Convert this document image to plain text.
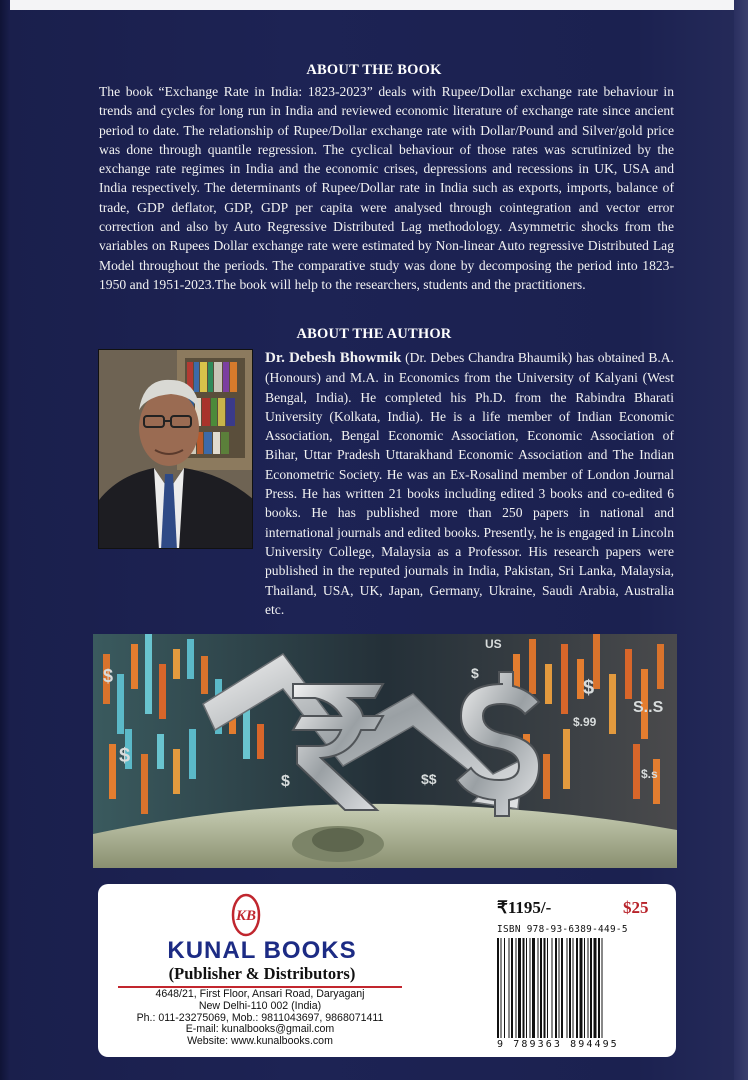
ABOUT THE BOOK

The book “Exchange Rate in India: 1823-2023” deals with Rupee/Dollar exchange rate behaviour in trends and cycles for long run in India and reviewed economic literature of exchange rate since ancient period to date. The relationship of Rupee/Dollar exchange rate with Dollar/Pound and Silver/gold price was done through quantile regression. The cyclical behaviour of those rates was scrutinized by the exchange rate regimes in India and the economic crises, depressions and recessions in UK, USA and India respectively. The determinants of Rupee/Dollar rate in India such as exports, imports, balance of trade, GDP deflator, GDP, GDP per capita were analysed through cointegration and vector error correction and also by Auto Regressive Distributed Lag methodology. Asymmetric shocks from the variables on Rupees Dollar exchange rate were estimated by Non-linear Auto regressive Distributed Lag Model throughout the periods. The comparative study was done by decomposing the period into 1823-1950 and 1951-2023.The book will help to the researchers, students and the practitioners.

ABOUT THE AUTHOR
Dr. Debesh Bhowmik (Dr. Debes Chandra Bhaumik) has obtained B.A. (Honours) and M.A. in Economics from the University of Kalyani (West Bengal, India). He completed his Ph.D. from the Rabindra Bharati University (Kolkata, India). He is a life member of Indian Economic Association, Bengal Economic Association, Economic Association of Bihar, Uttar Pradesh Uttarakhand Economic Association and The Indian Econometric Society. He was an Ex-Rosalind member of London Journal Press. He has written 21 books including edited 3 books and co-edited 6 books. He has published more than 250 papers in national and international journals and edited books. Presently, he is engaged in Lincoln University College, Malaysia as a Professor. His research papers were published in the reputed journals in India, Pakistan, Sri Lanka, Malaysia, Thailand, USA, UK, Japan, Germany, Ukraine, Saudi Arabia, Australia etc.
US
$
$
$
S..S
$.99
$
$$
$
$.s
KB
KUNAL BOOKS
(Publisher & Distributors)
4648/21, First Floor, Ansari Road, Daryaganj
New Delhi-110 002 (India)
Ph.: 011-23275069, Mob.: 9811043697, 9868071411
E-mail: kunalbooks@gmail.com
Website: www.kunalbooks.com
₹1195/-	$25
ISBN 978-93-6389-449-5
9 789363 894495
